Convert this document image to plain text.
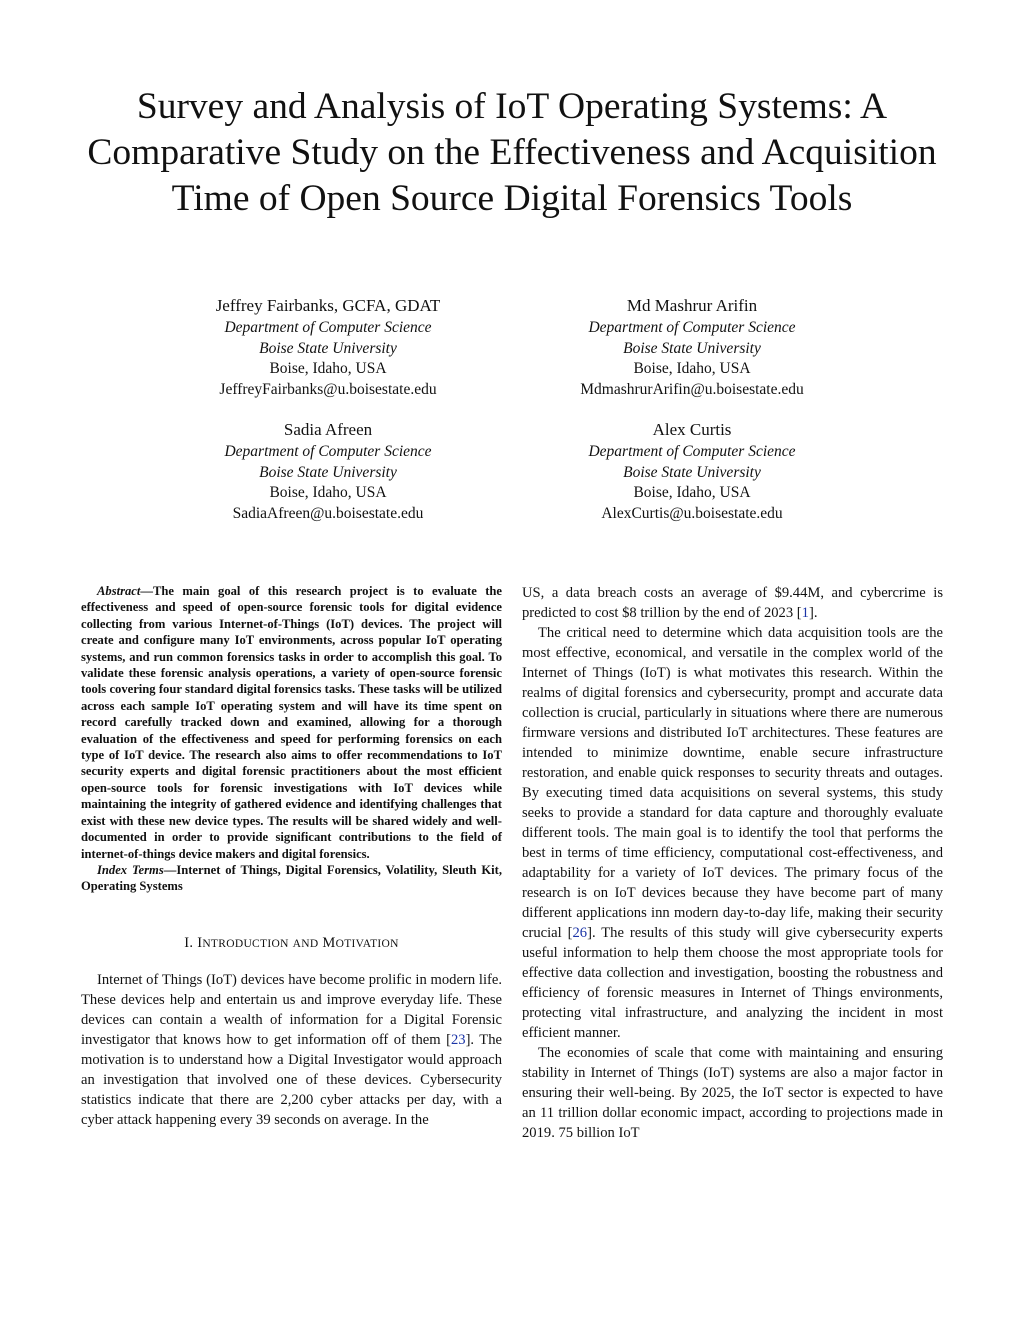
Survey and Analysis of IoT Operating Systems: A Comparative Study on the Effectiveness and Acquisition Time of Open Source Digital Forensics Tools
Jeffrey Fairbanks, GCFA, GDAT
Department of Computer Science
Boise State University
Boise, Idaho, USA
JeffreyFairbanks@u.boisestate.edu
Md Mashrur Arifin
Department of Computer Science
Boise State University
Boise, Idaho, USA
MdmashrurArifin@u.boisestate.edu
Sadia Afreen
Department of Computer Science
Boise State University
Boise, Idaho, USA
SadiaAfreen@u.boisestate.edu
Alex Curtis
Department of Computer Science
Boise State University
Boise, Idaho, USA
AlexCurtis@u.boisestate.edu

Abstract—The main goal of this research project is to evaluate the effectiveness and speed of open-source forensic tools for digital evidence collecting from various Internet-of-Things (IoT) devices. The project will create and configure many IoT environments, across popular IoT operating systems, and run common forensics tasks in order to accomplish this goal. To validate these forensic analysis operations, a variety of open-source forensic tools covering four standard digital forensics tasks. These tasks will be utilized across each sample IoT operating system and will have its time spent on record carefully tracked down and examined, allowing for a thorough evaluation of the effectiveness and speed for performing forensics on each type of IoT device. The research also aims to offer recommendations to IoT security experts and digital forensic practitioners about the most efficient open-source tools for forensic investigations with IoT devices while maintaining the integrity of gathered evidence and identifying challenges that exist with these new device types. The results will be shared widely and well-documented in order to provide significant contributions to the field of internet-of-things device makers and digital forensics.

Index Terms—Internet of Things, Digital Forensics, Volatility, Sleuth Kit, Operating Systems

I. INTRODUCTION AND MOTIVATION

Internet of Things (IoT) devices have become prolific in modern life. These devices help and entertain us and improve everyday life. These devices can contain a wealth of information for a Digital Forensic investigator that knows how to get information off of them [23]. The motivation is to understand how a Digital Investigator would approach an investigation that involved one of these devices. Cybersecurity statistics indicate that there are 2,200 cyber attacks per day, with a cyber attack happening every 39 seconds on average. In the

US, a data breach costs an average of $9.44M, and cybercrime is predicted to cost $8 trillion by the end of 2023 [1].

The critical need to determine which data acquisition tools are the most effective, economical, and versatile in the complex world of the Internet of Things (IoT) is what motivates this research. Within the realms of digital forensics and cybersecurity, prompt and accurate data collection is crucial, particularly in situations where there are numerous firmware versions and distributed IoT architectures. These features are intended to minimize downtime, enable secure infrastructure restoration, and enable quick responses to security threats and outages. By executing timed data acquisitions on several systems, this study seeks to provide a standard for data capture and thoroughly evaluate different tools. The main goal is to identify the tool that performs the best in terms of time efficiency, computational cost-effectiveness, and adaptability for a variety of IoT devices. The primary focus of the research is on IoT devices because they have become part of many different applications inn modern day-to-day life, making their security crucial [26]. The results of this study will give cybersecurity experts useful information to help them choose the most appropriate tools for effective data collection and investigation, boosting the robustness and efficiency of forensic measures in Internet of Things environments, protecting vital infrastructure, and analyzing the incident in most efficient manner.

The economies of scale that come with maintaining and ensuring stability in Internet of Things (IoT) systems are also a major factor in ensuring their well-being. By 2025, the IoT sector is expected to have an 11 trillion dollar economic impact, according to projections made in 2019. 75 billion IoT
